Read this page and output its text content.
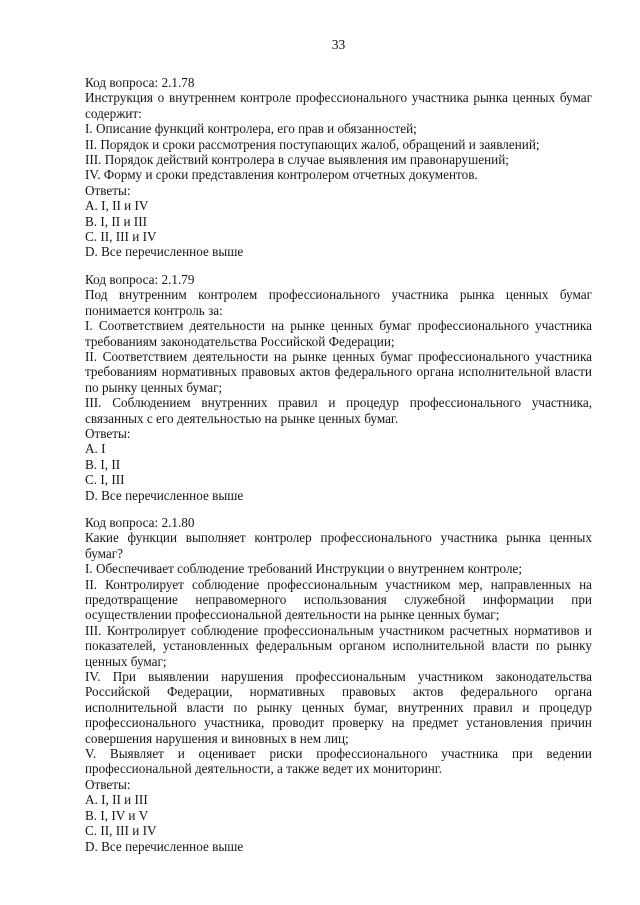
33

Код вопроса: 2.1.78

Инструкция о внутреннем контроле профессионального участника рынка ценных бумаг содержит:

I. Описание функций контролера, его прав и обязанностей;

II. Порядок и сроки рассмотрения поступающих жалоб, обращений и заявлений;

III. Порядок действий контролера в случае выявления им правонарушений;

IV. Форму и сроки представления контролером отчетных документов.

Ответы:

A. I, II и IV

B. I, II и III

C. II, III и IV

D. Все перечисленное выше

Код вопроса: 2.1.79

Под внутренним контролем профессионального участника рынка ценных бумаг понимается контроль за:

I. Соответствием деятельности на рынке ценных бумаг профессионального участника требованиям законодательства Российской Федерации;

II. Соответствием деятельности на рынке ценных бумаг профессионального участника требованиям нормативных правовых актов федерального органа исполнительной власти по рынку ценных бумаг;

III. Соблюдением внутренних правил и процедур профессионального участника, связанных с его деятельностью на рынке ценных бумаг.

Ответы:

A. I

B. I, II

C. I, III

D. Все перечисленное выше

Код вопроса: 2.1.80

Какие функции выполняет контролер профессионального участника рынка ценных бумаг?

I. Обеспечивает соблюдение требований Инструкции о внутреннем контроле;

II. Контролирует соблюдение профессиональным участником мер, направленных на предотвращение неправомерного использования служебной информации при осуществлении профессиональной деятельности на рынке ценных бумаг;

III. Контролирует соблюдение профессиональным участником расчетных нормативов и показателей, установленных федеральным органом исполнительной власти по рынку ценных бумаг;

IV. При выявлении нарушения профессиональным участником законодательства Российской Федерации, нормативных правовых актов федерального органа исполнительной власти по рынку ценных бумаг, внутренних правил и процедур профессионального участника, проводит проверку на предмет установления причин совершения нарушения и виновных в нем лиц;

V. Выявляет и оценивает риски профессионального участника при ведении профессиональной деятельности, а также ведет их мониторинг.

Ответы:

A. I, II и III

B. I, IV и V

C. II, III и IV

D. Все перечисленное выше
